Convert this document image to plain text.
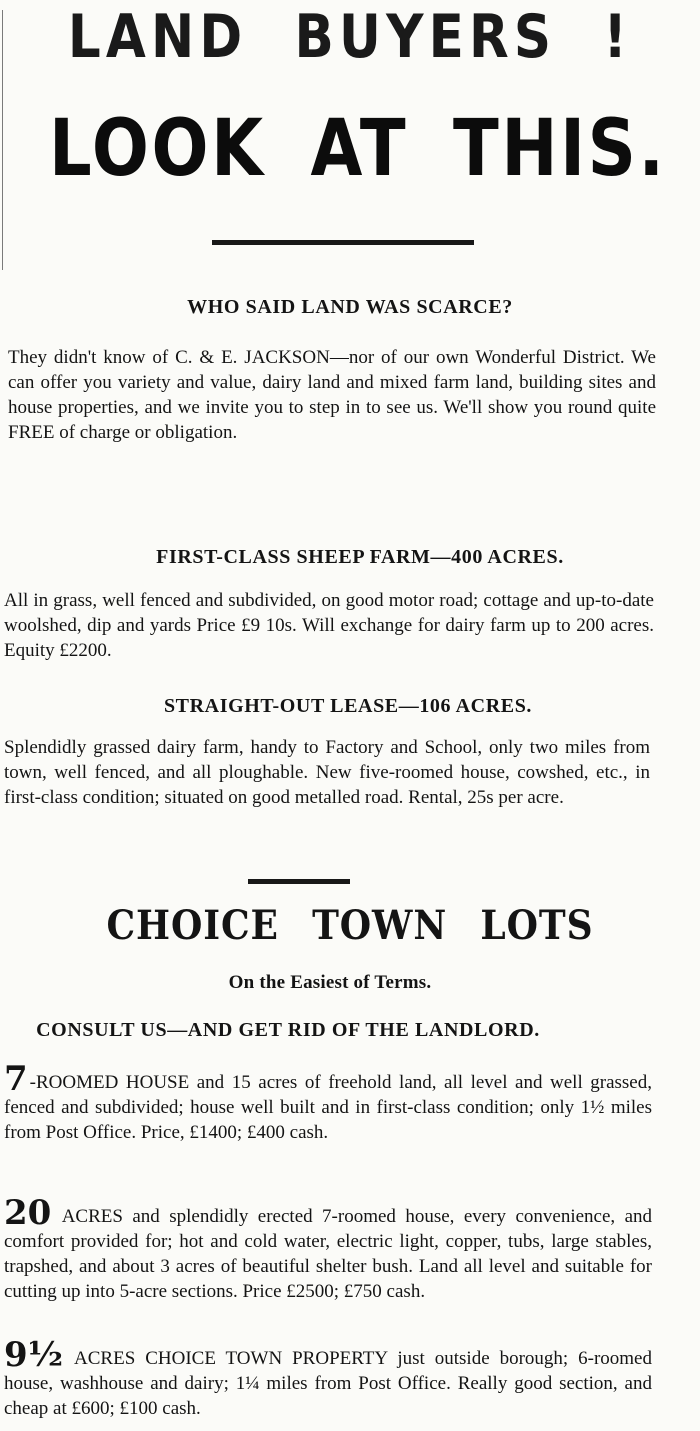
LAND BUYERS !
LOOK AT THIS.
WHO SAID LAND WAS SCARCE?

They didn't know of C. & E. JACKSON—nor of our own Wonderful District. We can offer you variety and value, dairy land and mixed farm land, building sites and house properties, and we invite you to step in to see us. We'll show you round quite FREE of charge or obligation.

FIRST-CLASS SHEEP FARM—400 ACRES.

All in grass, well fenced and subdivided, on good motor road; cottage and up-to-date woolshed, dip and yards Price £9 10s. Will exchange for dairy farm up to 200 acres. Equity £2200.

STRAIGHT-OUT LEASE—106 ACRES.

Splendidly grassed dairy farm, handy to Factory and School, only two miles from town, well fenced, and all ploughable. New five-roomed house, cowshed, etc., in first-class condition; situated on good metalled road. Rental, 25s per acre.

CHOICE TOWN LOTS
On the Easiest of Terms.
CONSULT US—AND GET RID OF THE LANDLORD.

7 -ROOMED HOUSE and 15 acres of freehold land, all level and well grassed, fenced and subdivided; house well built and in first-class condition; only 1½ miles from Post Office. Price, £1400; £400 cash.

20 ACRES and splendidly erected 7-roomed house, every convenience, and comfort provided for; hot and cold water, electric light, copper, tubs, large stables, trapshed, and about 3 acres of beautiful shelter bush. Land all level and suitable for cutting up into 5-acre sections. Price £2500; £750 cash.

9½ ACRES CHOICE TOWN PROPERTY just outside borough; 6-roomed house, washhouse and dairy; 1¼ miles from Post Office. Really good section, and cheap at £600; £100 cash.
